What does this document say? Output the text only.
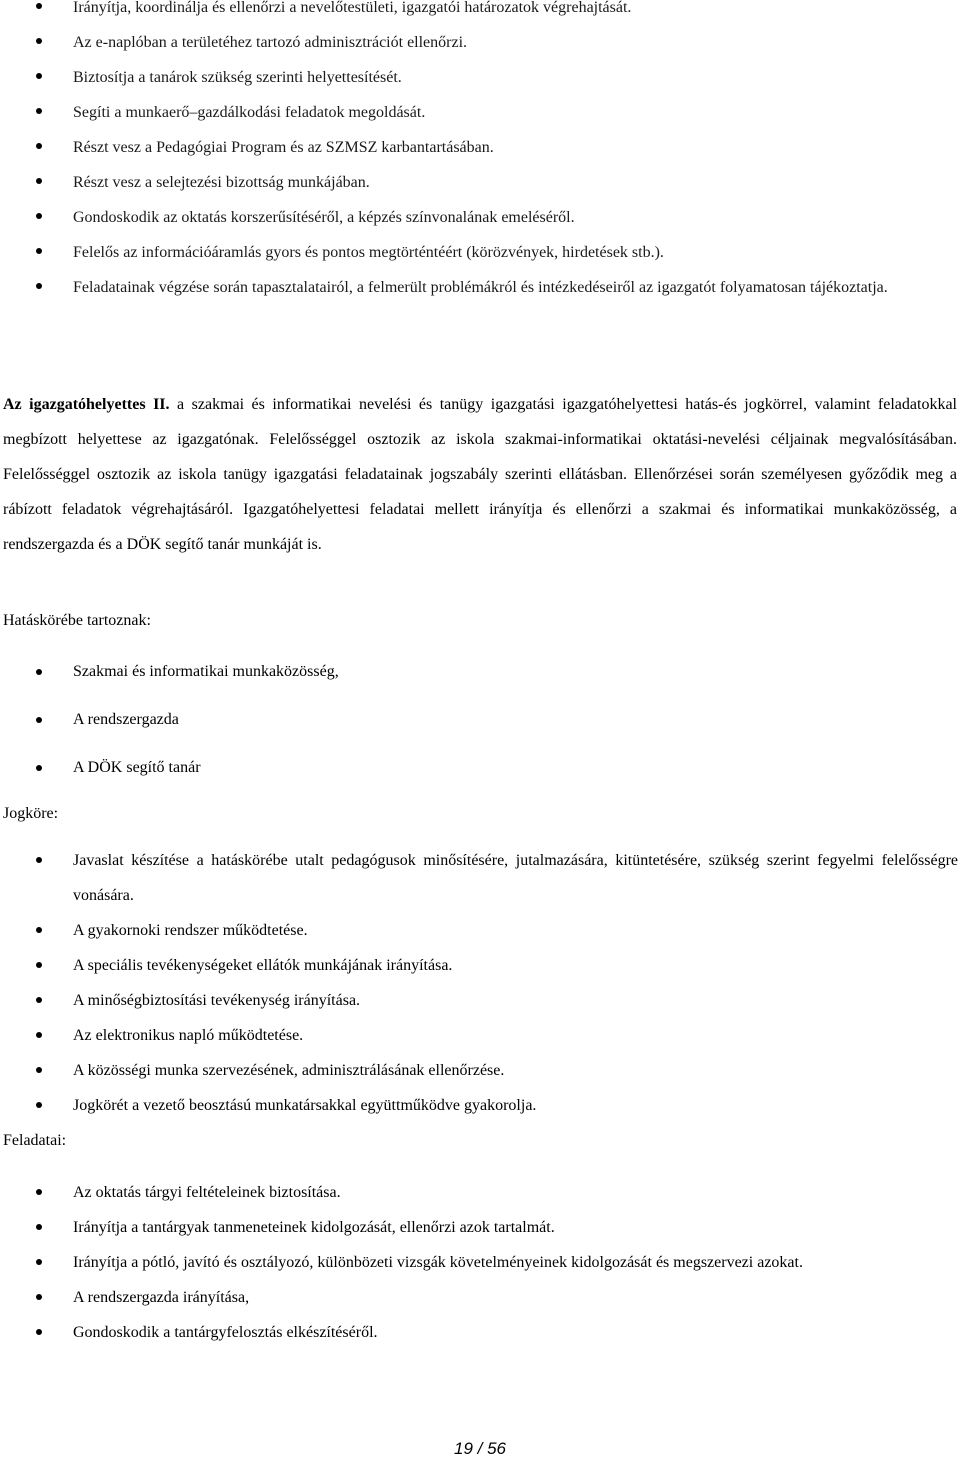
Irányítja, koordinálja és ellenőrzi a nevelőtestületi, igazgatói határozatok végrehajtását.
Az e-naplóban a területéhez tartozó adminisztrációt ellenőrzi.
Biztosítja a tanárok szükség szerinti helyettesítését.
Segíti a munkaerő–gazdálkodási feladatok megoldását.
Részt vesz a Pedagógiai Program és az SZMSZ karbantartásában.
Részt vesz a selejtezési bizottság munkájában.
Gondoskodik az oktatás korszerűsítéséről, a képzés színvonalának emeléséről.
Felelős az információáramlás gyors és pontos megtörténtéért (körözvények, hirdetések stb.).
Feladatainak végzése során tapasztalatairól, a felmerült problémákról és intézkedéseiről az igazgatót folyamatosan tájékoztatja.

Az igazgatóhelyettes II. a szakmai és informatikai nevelési és tanügy igazgatási igazgatóhelyettesi hatás-és jogkörrel, valamint feladatokkal megbízott helyettese az igazgatónak. Felelősséggel osztozik az iskola szakmai-informatikai oktatási-nevelési céljainak megvalósításában. Felelősséggel osztozik az iskola tanügy igazgatási feladatainak jogszabály szerinti ellátásban. Ellenőrzései során személyesen győződik meg a rábízott feladatok végrehajtásáról. Igazgatóhelyettesi feladatai mellett irányítja és ellenőrzi a szakmai és informatikai munkaközösség, a rendszergazda és a DÖK segítő tanár munkáját is.

Hatáskörébe tartoznak:
Szakmai és informatikai munkaközösség,
A rendszergazda
A DÖK segítő tanár
Jogköre:
Javaslat készítése a hatáskörébe utalt pedagógusok minősítésére, jutalmazására, kitüntetésére, szükség szerint fegyelmi felelősségre vonására.
A gyakornoki rendszer működtetése.
A speciális tevékenységeket ellátók munkájának irányítása.
A minőségbiztosítási tevékenység irányítása.
Az elektronikus napló működtetése.
A közösségi munka szervezésének, adminisztrálásának ellenőrzése.
Jogkörét a vezető beosztású munkatársakkal együttműködve gyakorolja.
Feladatai:
Az oktatás tárgyi feltételeinek biztosítása.
Irányítja a tantárgyak tanmeneteinek kidolgozását, ellenőrzi azok tartalmát.
Irányítja a pótló, javító és osztályozó, különbözeti vizsgák követelményeinek kidolgozását és megszervezi azokat.
A rendszergazda irányítása,
Gondoskodik a tantárgyfelosztás elkészítéséről.
19 / 56
